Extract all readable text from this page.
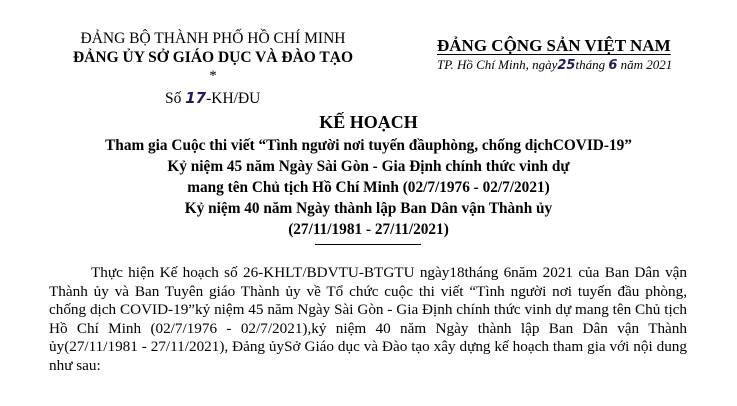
ĐẢNG BỘ THÀNH PHỐ HỒ CHÍ MINH
ĐẢNG ỦY SỞ GIÁO DỤC VÀ ĐÀO TẠO
*
Số 17-KH/ĐU
ĐẢNG CỘNG SẢN VIỆT NAM
TP. Hồ Chí Minh, ngày25tháng 6 năm 2021
KẾ HOẠCH
Tham gia Cuộc thi viết “Tình người nơi tuyến đầuphòng, chống dịchCOVID-19”
Kỷ niệm 45 năm Ngày Sài Gòn - Gia Định chính thức vinh dự
mang tên Chủ tịch Hồ Chí Minh (02/7/1976 - 02/7/2021)
Kỷ niệm 40 năm Ngày thành lập Ban Dân vận Thành ủy
(27/11/1981 - 27/11/2021)
Thực hiện Kế hoạch số 26-KHLT/BDVTU-BTGTU ngày18tháng 6năm 2021 của Ban Dân vận Thành ủy và Ban Tuyên giáo Thành ủy về Tổ chức cuộc thi viết “Tình người nơi tuyến đầu phòng, chống dịch COVID-19”kỷ niệm 45 năm Ngày Sài Gòn - Gia Định chính thức vinh dự mang tên Chủ tịch Hồ Chí Minh (02/7/1976 - 02/7/2021),kỷ niệm 40 năm Ngày thành lập Ban Dân vận Thành ủy(27/11/1981 - 27/11/2021), Đảng ủySở Giáo dục và Đào tạo xây dựng kế hoạch tham gia với nội dung như sau:
